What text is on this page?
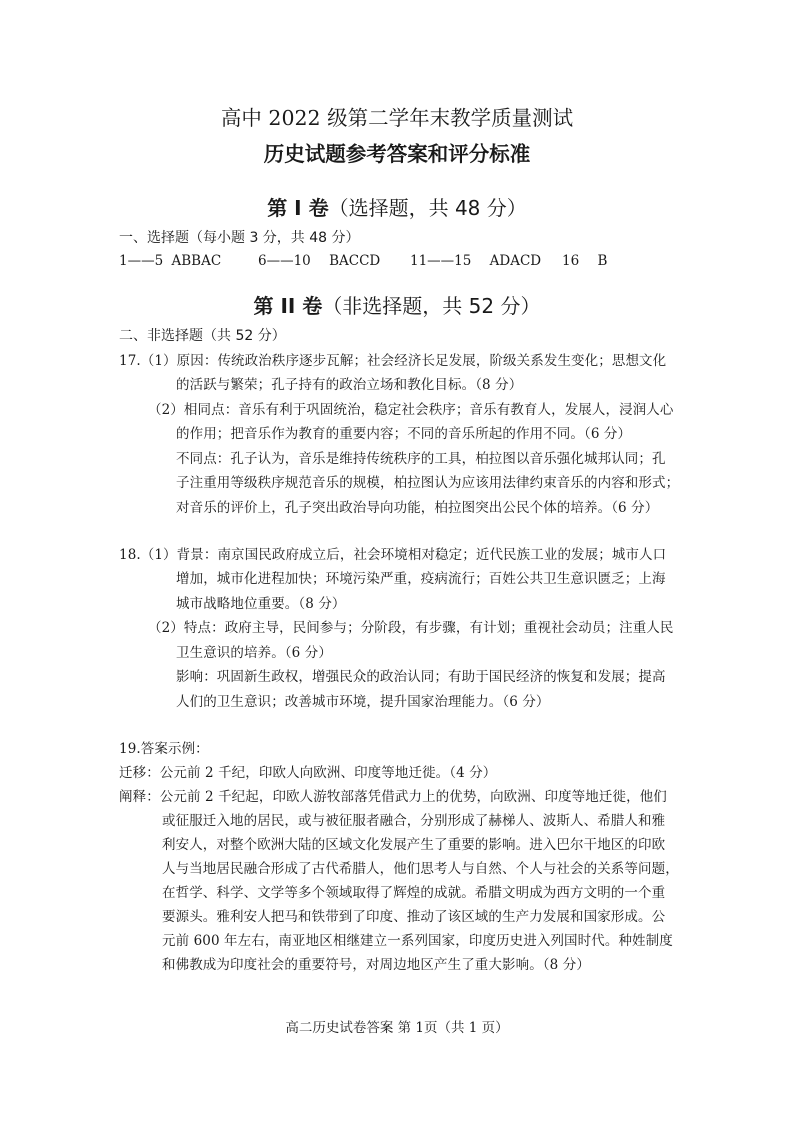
高中 2022 级第二学年末教学质量测试
历史试题参考答案和评分标准
第 I 卷（选择题，共 48 分）
一、选择题（每小题 3 分，共 48 分）
1——5 ABBAC	6——10 BACCD 11——15 ADACD 16 B
第 II 卷（非选择题，共 52 分）
二、非选择题（共 52 分）
17.（1）原因：传统政治秩序逐步瓦解；社会经济长足发展，阶级关系发生变化；思想文化
的活跃与繁荣；孔子持有的政治立场和教化目标。（8 分）
（2）相同点：音乐有利于巩固统治，稳定社会秩序；音乐有教育人，发展人，浸润人心
的作用；把音乐作为教育的重要内容；不同的音乐所起的作用不同。（6 分）
不同点：孔子认为，音乐是维持传统秩序的工具，柏拉图以音乐强化城邦认同；孔
子注重用等级秩序规范音乐的规模，柏拉图认为应该用法律约束音乐的内容和形式；
对音乐的评价上，孔子突出政治导向功能，柏拉图突出公民个体的培养。（6 分）
18.（1）背景：南京国民政府成立后，社会环境相对稳定；近代民族工业的发展；城市人口
增加，城市化进程加快；环境污染严重，疫病流行；百姓公共卫生意识匮乏；上海
城市战略地位重要。（8 分）
（2）特点：政府主导，民间参与；分阶段，有步骤，有计划；重视社会动员；注重人民
卫生意识的培养。（6 分）
影响：巩固新生政权，增强民众的政治认同；有助于国民经济的恢复和发展；提高
人们的卫生意识；改善城市环境，提升国家治理能力。（6 分）
19.答案示例：
迁移：公元前 2 千纪，印欧人向欧洲、印度等地迁徙。（4 分）
阐释：公元前 2 千纪起，印欧人游牧部落凭借武力上的优势，向欧洲、印度等地迁徙，他们
或征服迁入地的居民，或与被征服者融合，分别形成了赫梯人、波斯人、希腊人和雅
利安人，对整个欧洲大陆的区域文化发展产生了重要的影响。进入巴尔干地区的印欧
人与当地居民融合形成了古代希腊人，他们思考人与自然、个人与社会的关系等问题，
在哲学、科学、文学等多个领域取得了辉煌的成就。希腊文明成为西方文明的一个重
要源头。雅利安人把马和铁带到了印度、推动了该区域的生产力发展和国家形成。公
元前 600 年左右，南亚地区相继建立一系列国家，印度历史进入列国时代。种姓制度
和佛教成为印度社会的重要符号，对周边地区产生了重大影响。（8 分）
高二历史试卷答案 第 1页（共 1 页）
